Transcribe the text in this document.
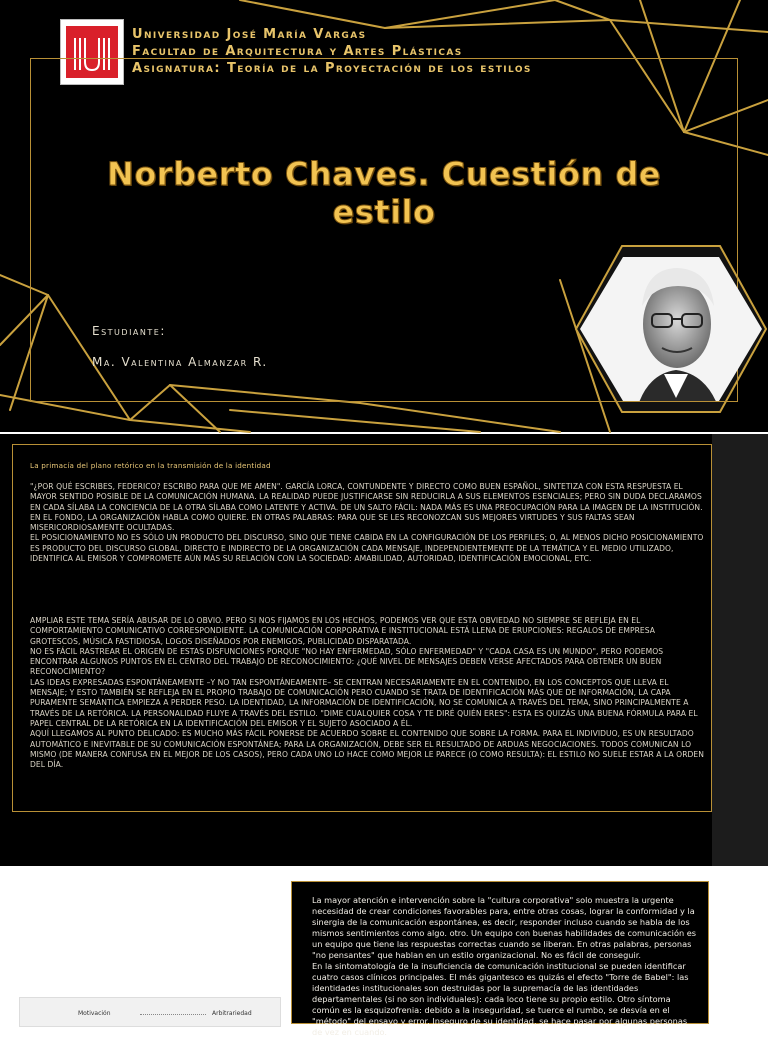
Universidad José María Vargas
Facultad de Arquitectura y Artes Plásticas
Asignatura: Teoría de la Proyectación de los estilos
Norberto Chaves. Cuestión de estilo
Estudiante:
Ma. Valentina Almanzar R.
La primacía del plano retórico en la transmisión de la identidad

"¿POR QUÉ ESCRIBES, FEDERICO? ESCRIBO PARA QUE ME AMEN". GARCÍA LORCA, CONTUNDENTE Y DIRECTO COMO BUEN ESPAÑOL, SINTETIZA CON ESTA RESPUESTA EL MAYOR SENTIDO POSIBLE DE LA COMUNICACIÓN HUMANA. LA REALIDAD PUEDE JUSTIFICARSE SIN REDUCIRLA A SUS ELEMENTOS ESENCIALES; PERO SIN DUDA DECLARAMOS EN CADA SÍLABA LA CONCIENCIA DE LA OTRA SÍLABA COMO LATENTE Y ACTIVA. DE UN SALTO FÁCIL: NADA MÁS ES UNA PREOCUPACIÓN PARA LA IMAGEN DE LA INSTITUCIÓN. EN EL FONDO, LA ORGANIZACIÓN HABLA COMO QUIERE. EN OTRAS PALABRAS: PARA QUE SE LES RECONOZCAN SUS MEJORES VIRTUDES Y SUS FALTAS SEAN MISERICORDIOSAMENTE OCULTADAS.
EL POSICIONAMIENTO NO ES SÓLO UN PRODUCTO DEL DISCURSO, SINO QUE TIENE CABIDA EN LA CONFIGURACIÓN DE LOS PERFILES; O, AL MENOS DICHO POSICIONAMIENTO ES PRODUCTO DEL DISCURSO GLOBAL, DIRECTO E INDIRECTO DE LA ORGANIZACIÓN CADA MENSAJE, INDEPENDIENTEMENTE DE LA TEMÁTICA Y EL MEDIO UTILIZADO, IDENTIFICA AL EMISOR Y COMPROMETE AÚN MÁS SU RELACIÓN CON LA SOCIEDAD: AMABILIDAD, AUTORIDAD, IDENTIFICACIÓN EMOCIONAL, ETC.

AMPLIAR ESTE TEMA SERÍA ABUSAR DE LO OBVIO. PERO SI NOS FIJAMOS EN LOS HECHOS, PODEMOS VER QUE ESTA OBVIEDAD NO SIEMPRE SE REFLEJA EN EL COMPORTAMIENTO COMUNICATIVO CORRESPONDIENTE. LA COMUNICACIÓN CORPORATIVA E INSTITUCIONAL ESTÁ LLENA DE ERUPCIONES: REGALOS DE EMPRESA GROTESCOS, MÚSICA FASTIDIOSA, LOGOS DISEÑADOS POR ENEMIGOS, PUBLICIDAD DISPARATADA.
NO ES FÁCIL RASTREAR EL ORIGEN DE ESTAS DISFUNCIONES PORQUE "NO HAY ENFERMEDAD, SÓLO ENFERMEDAD" Y "CADA CASA ES UN MUNDO", PERO PODEMOS ENCONTRAR ALGUNOS PUNTOS EN EL CENTRO DEL TRABAJO DE RECONOCIMIENTO: ¿QUÉ NIVEL DE MENSAJES DEBEN VERSE AFECTADOS PARA OBTENER UN BUEN RECONOCIMIENTO?
LAS IDEAS EXPRESADAS ESPONTÁNEAMENTE –Y NO TAN ESPONTÁNEAMENTE– SE CENTRAN NECESARIAMENTE EN EL CONTENIDO, EN LOS CONCEPTOS QUE LLEVA EL MENSAJE; Y ESTO TAMBIÉN SE REFLEJA EN EL PROPIO TRABAJO DE COMUNICACIÓN PERO CUANDO SE TRATA DE IDENTIFICACIÓN MÁS QUE DE INFORMACIÓN, LA CAPA PURAMENTE SEMÁNTICA EMPIEZA A PERDER PESO. LA IDENTIDAD, LA INFORMACIÓN DE IDENTIFICACIÓN, NO SE COMUNICA A TRAVÉS DEL TEMA, SINO PRINCIPALMENTE A TRAVÉS DE LA RETÓRICA. LA PERSONALIDAD FLUYE A TRAVÉS DEL ESTILO. "DIME CUALQUIER COSA Y TE DIRÉ QUIÉN ERES": ESTA ES QUIZÁS UNA BUENA FÓRMULA PARA EL PAPEL CENTRAL DE LA RETÓRICA EN LA IDENTIFICACIÓN DEL EMISOR Y EL SUJETO ASOCIADO A ÉL.
AQUÍ LLEGAMOS AL PUNTO DELICADO: ES MUCHO MÁS FÁCIL PONERSE DE ACUERDO SOBRE EL CONTENIDO QUE SOBRE LA FORMA. PARA EL INDIVIDUO, ES UN RESULTADO AUTOMÁTICO E INEVITABLE DE SU COMUNICACIÓN ESPONTÁNEA; PARA LA ORGANIZACIÓN, DEBE SER EL RESULTADO DE ARDUAS NEGOCIACIONES. TODOS COMUNICAN LO MISMO (DE MANERA CONFUSA EN EL MEJOR DE LOS CASOS), PERO CADA UNO LO HACE COMO MEJOR LE PARECE (O COMO RESULTA): EL ESTILO NO SUELE ESTAR A LA ORDEN DEL DÍA.

La mayor atención e intervención sobre la "cultura corporativa" solo muestra la urgente necesidad de crear condiciones favorables para, entre otras cosas, lograr la conformidad y la sinergia de la comunicación espontánea, es decir, responder incluso cuando se habla de los mismos sentimientos como algo. otro. Un equipo con buenas habilidades de comunicación es un equipo que tiene las respuestas correctas cuando se liberan. En otras palabras, personas "no pensantes" que hablan en un estilo organizacional. No es fácil de conseguir.
En la sintomatología de la insuficiencia de comunicación institucional se pueden identificar cuatro casos clínicos principales. El más gigantesco es quizás el efecto "Torre de Babel": las identidades institucionales son destruidas por la supremacía de las identidades departamentales (si no son individuales): cada loco tiene su propio estilo. Otro síntoma común es la esquizofrenia: debido a la inseguridad, se tuerce el rumbo, se desvía en el "método" del ensayo y error. Inseguro de su identidad, se hace pasar por algunas personas de vez en cuando.

Motivación	Arbitrariedad
